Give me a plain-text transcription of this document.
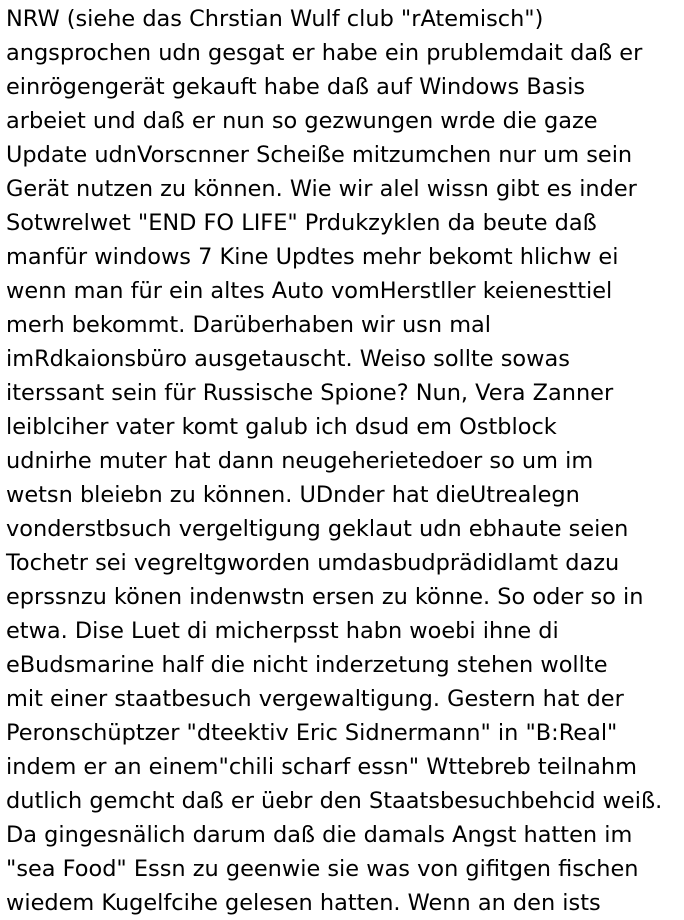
NRW (siehe das Chrstian Wulf club "rAtemisch")
angsprochen udn gesgat er habe ein prublemdait daß er
einrögengerät gekauft habe daß auf Windows Basis
arbeiet und daß er nun so gezwungen wrde die gaze
Update udnVorscnner Scheiße mitzumchen nur um sein
Gerät nutzen zu können. Wie wir alel wissn gibt es inder
Sotwrelwet "END FO LIFE" Prdukzyklen da beute daß
manfür windows 7 Kine Updtes mehr bekomt hlichw ei
wenn man für ein altes Auto vomHerstller keienesttiel
merh bekommt. Darüberhaben wir usn mal
imRdkaionsbüro ausgetauscht. Weiso sollte sowas
iterssant sein für Russische Spione? Nun, Vera Zanner
leiblciher vater komt galub ich dsud em Ostblock
udnirhe muter hat dann neugeherietedoer so um im
wetsn bleiebn zu können. UDnder hat dieUtrealegn
vonderstbsuch vergeltigung geklaut udn ebhaute seien
Tochetr sei vegreltgworden umdasbudprädidlamt dazu
eprssnzu könen indenwstn ersen zu könne. So oder so in
etwa. Dise Luet di micherpsst habn woebi ihne di
eBudsmarine half die nicht inderzetung stehen wollte
mit einer staatbesuch vergewaltigung. Gestern hat der
Peronschüptzer "dteektiv Eric Sidnermann" in "B:Real"
indem er an einem"chili scharf essn" Wttebreb teilnahm
dutlich gemcht daß er üebr den Staatsbesuchbehcid weiß.
Da gingesnälich darum daß die damals Angst hatten im
"sea Food" Essn zu geenwie sie was von gifitgen fischen
wiedem Kugelfcihe gelesen hatten. Wenn an den ists
